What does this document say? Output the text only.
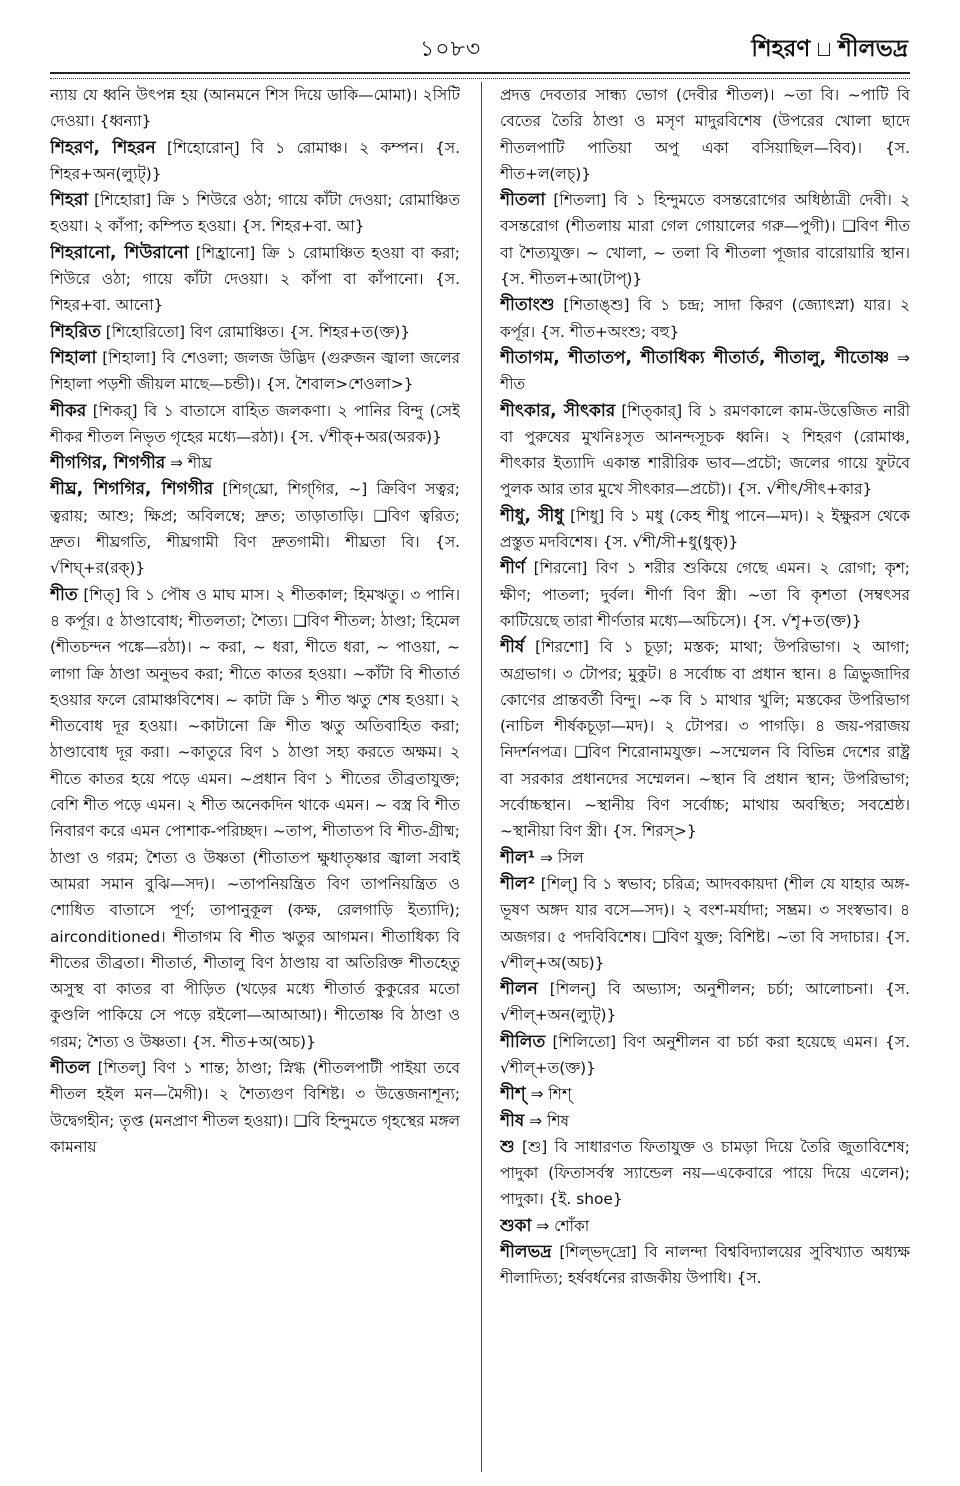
১০৮৩	শিহরণ শীলভদ্র

ন্যায় যে ধ্বনি উৎপন্ন হয় (আনমনে শিস দিয়ে ডাকি—মোমা)। ২সিটি দেওয়া। {ধ্বন্যা}

শিহরণ, শিহরন [শিহোরোন্] বি ১ রোমাঞ্চ। ২ কম্পন। {স. শিহর+অন(ল্যুট্)}

শিহরা [শিহোরা] ক্রি ১ শিউরে ওঠা; গায়ে কাঁটা দেওয়া; রোমাঞ্চিত হওয়া। ২ কাঁপা; কম্পিত হওয়া। {স. শিহর+বা. আ}

শিহরানো, শিউরানো [শিহ্রানো] ক্রি ১ রোমাঞ্চিত হওয়া বা করা; শিউরে ওঠা; গায়ে কাঁটা দেওয়া। ২ কাঁপা বা কাঁপানো। {স. শিহর+বা. আনো}

শিহরিত [শিহোরিতো] বিণ রোমাঞ্চিত। {স. শিহর+ত(ক্ত)}

শিহালা [শিহালা] বি শেওলা; জলজ উদ্ভিদ (গুরুজন জ্বালা জলের শিহালা পড়শী জীয়ল মাছে—চন্ডী)। {স. শৈবাল>শেওলা>}

শীকর [শিকর্] বি ১ বাতাসে বাহিত জলকণা। ২ পানির বিন্দু (সেই শীকর শীতল নিভৃত গৃহের মধ্যে—রঠা)। {স. √শীক্+অর(অরক)}

শীগগির, শিগগীর ⇒ শীঘ্র

শীঘ্র, শিগগির, শিগগীর [শিগ্‌ঘ্রো, শিগ্‌গির, ~] ক্রিবিণ সত্বর; ত্বরায়; আশু; ক্ষিপ্র; অবিলম্বে; দ্রুত; তাড়াতাড়ি। ❑বিণ ত্বরিত; দ্রুত। শীঘ্রগতি, শীঘ্রগামী বিণ দ্রুতগামী। শীঘ্রতা বি। {স. √শিঘ্+র(রক্)}

শীত [শিত্] বি ১ পৌষ ও মাঘ মাস। ২ শীতকাল; হিমঋতু। ৩ পানি। ৪ কর্পূর। ৫ ঠাণ্ডাবোধ; শীতলতা; শৈত্য। ❑বিণ শীতল; ঠাণ্ডা; হিমেল (শীতচন্দন পঙ্কে—রঠা)। ~ করা, ~ ধরা, শীতে ধরা, ~ পাওয়া, ~ লাগা ক্রি ঠাণ্ডা অনুভব করা; শীতে কাতর হওয়া। ~কাঁটা বি শীতার্ত হওয়ার ফলে রোমাঞ্চবিশেষ। ~ কাটা ক্রি ১ শীত ঋতু শেষ হওয়া। ২ শীতবোধ দূর হওয়া। ~কাটানো ক্রি শীত ঋতু অতিবাহিত করা; ঠাণ্ডাবোধ দূর করা। ~কাতুরে বিণ ১ ঠাণ্ডা সহ্য করতে অক্ষম। ২ শীতে কাতর হয়ে পড়ে এমন। ~প্রধান বিণ ১ শীতের তীব্রতাযুক্ত; বেশি শীত পড়ে এমন। ২ শীত অনেকদিন থাকে এমন। ~ বস্ত্র বি শীত নিবারণ করে এমন পোশাক-পরিচ্ছদ। ~তাপ, শীতাতপ বি শীত-গ্রীষ্ম; ঠাণ্ডা ও গরম; শৈত্য ও উষ্ণতা (শীতাতপ ক্ষুধাতৃষ্ণার জ্বালা সবাই আমরা সমান বুঝি—সদ)। ~তাপনিয়ন্ত্রিত বিণ তাপনিয়ন্ত্রিত ও শোধিত বাতাসে পূর্ণ; তাপানুকূল (কক্ষ, রেলগাড়ি ইত্যাদি); airconditioned। শীতাগম বি শীত ঋতুর আগমন। শীতাধিক্য বি শীতের তীব্রতা। শীতার্ত, শীতালু বিণ ঠাণ্ডায় বা অতিরিক্ত শীতহেতু অসুস্থ বা কাতর বা পীড়িত (খড়ের মধ্যে শীতার্ত কুকুরের মতো কুণ্ডলি পাকিয়ে সে পড়ে রইলো—আআআ)। শীতোষ্ণ বি ঠাণ্ডা ও গরম; শৈত্য ও উষ্ণতা। {স. শীত+অ(অচ)}

শীতল [শিতল্] বিণ ১ শান্ত; ঠাণ্ডা; স্নিগ্ধ (শীতলপাটী পাইয়া তবে শীতল হইল মন—মৈগী)। ২ শৈত্যগুণ বিশিষ্ট। ৩ উত্তেজনাশূন্য; উদ্বেগহীন; তৃপ্ত (মনপ্রাণ শীতল হওয়া)। ❑বি হিন্দুমতে গৃহস্থের মঙ্গল কামনায়

প্রদত্ত দেবতার সান্ধ্য ভোগ (দেবীর শীতল)। ~তা বি। ~পাটি বি বেতের তৈরি ঠাণ্ডা ও মসৃণ মাদুরবিশেষ (উপরের খোলা ছাদে শীতলপাটি পাতিয়া অপু একা বসিয়াছিল—বিব)। {স. শীত+ল(লচ্)}

শীতলা [শিতলা] বি ১ হিন্দুমতে বসন্তরোগের অধিষ্ঠাত্রী দেবী। ২ বসন্তরোগ (শীতলায় মারা গেল গোয়ালের গরু—পুগী)। ❑বিণ শীত বা শৈত্যযুক্ত। ~ খোলা, ~ তলা বি শীতলা পূজার বারোয়ারি স্থান। {স. শীতল+আ(টাপ্)}

শীতাংশু [শিতাঙ্‌শু] বি ১ চন্দ্র; সাদা কিরণ (জ্যোৎস্না) যার। ২ কর্পূর। {স. শীত+অংশু; বহু}

শীতাগম, শীতাতপ, শীতাধিক্য শীতার্ত, শীতালু, শীতোষ্ণ ⇒ শীত

শীৎকার, সীৎকার [শিত্‌কার্] বি ১ রমণকালে কাম-উত্তেজিত নারী বা পুরুষের মুখনিঃসৃত আনন্দসূচক ধ্বনি। ২ শিহরণ (রোমাঞ্চ, শীৎকার ইত্যাদি একান্ত শারীরিক ভাব—প্রচৌ; জলের গায়ে ফুটবে পুলক আর তার মুখে সীৎকার—প্রচৌ)। {স. √শীৎ/সীৎ+কার}

শীধু, সীধু [শিধু] বি ১ মধু (কেহ শীধু পানে—মদ)। ২ ইক্ষুরস থেকে প্রস্তুত মদবিশেষ। {স. √শী/সী+ধু(ধুক্)}

শীর্ণ [শিরনো] বিণ ১ শরীর শুকিয়ে গেছে এমন। ২ রোগা; কৃশ; ক্ষীণ; পাতলা; দুর্বল। শীর্ণা বিণ স্ত্রী। ~তা বি কৃশতা (সম্বৎসর কাটিয়েছে তারা শীর্ণতার মধ্যে—অচিসে)। {স. √শৄ+ত(ক্ত)}

শীর্ষ [শিরশো] বি ১ চূড়া; মস্তক; মাথা; উপরিভাগ। ২ আগা; অগ্রভাগ। ৩ টোপর; মুকুট। ৪ সর্বোচ্চ বা প্রধান স্থান। ৪ ত্রিভুজাদির কোণের প্রান্তবর্তী বিন্দু। ~ক বি ১ মাথার খুলি; মস্তকের উপরিভাগ (নাচিল শীর্ষকচূড়া—মদ)। ২ টোপর। ৩ পাগড়ি। ৪ জয়-পরাজয় নিদর্শনপত্র। ❑বিণ শিরোনামযুক্ত। ~সম্মেলন বি বিভিন্ন দেশের রাষ্ট্র বা সরকার প্রধানদের সম্মেলন। ~স্থান বি প্রধান স্থান; উপরিভাগ; সর্বোচ্চস্থান। ~স্থানীয় বিণ সর্বোচ্চ; মাথায় অবস্থিত; সবশ্রেষ্ঠ। ~স্থানীয়া বিণ স্ত্রী। {স. শিরস্>}

শীল¹ ⇒ সিল

শীল² [শিল্] বি ১ স্বভাব; চরিত্র; আদবকায়দা (শীল যে যাহার অঙ্গ-ভূষণ অঙ্গদ যার বসে—সদ)। ২ বংশ-মর্যাদা; সম্ভ্রম। ৩ সংস্বভাব। ৪ অজগর। ৫ পদবিবিশেষ। ❑বিণ যুক্ত; বিশিষ্ট। ~তা বি সদাচার। {স. √শীল্+অ(অচ)}

শীলন [শিলন্] বি অভ্যাস; অনুশীলন; চর্চা; আলোচনা। {স. √শীল্+অন(ল্যুট্)}

শীলিত [শিলিতো] বিণ অনুশীলন বা চর্চা করা হয়েছে এমন। {স. √শীল্+ত(ক্ত)}

শীশ্‌ ⇒ শিশ্‌

শীষ ⇒ শিষ

শু [শু] বি সাধারণত ফিতাযুক্ত ও চামড়া দিয়ে তৈরি জুতাবিশেষ; পাদুকা (ফিতাসর্বস্ব স্যান্ডেল নয়—একেবারে পায়ে দিয়ে এলেন); পাদুকা। {ই. shoe}

শুকা ⇒ শোঁকা

শীলভদ্র [শিল্‌ভদ্‌দ্রো] বি নালন্দা বিশ্ববিদ্যালয়ের সুবিখ্যাত অধ্যক্ষ শীলাদিত্য; হর্ষবর্ধনের রাজকীয় উপাধি। {স.
